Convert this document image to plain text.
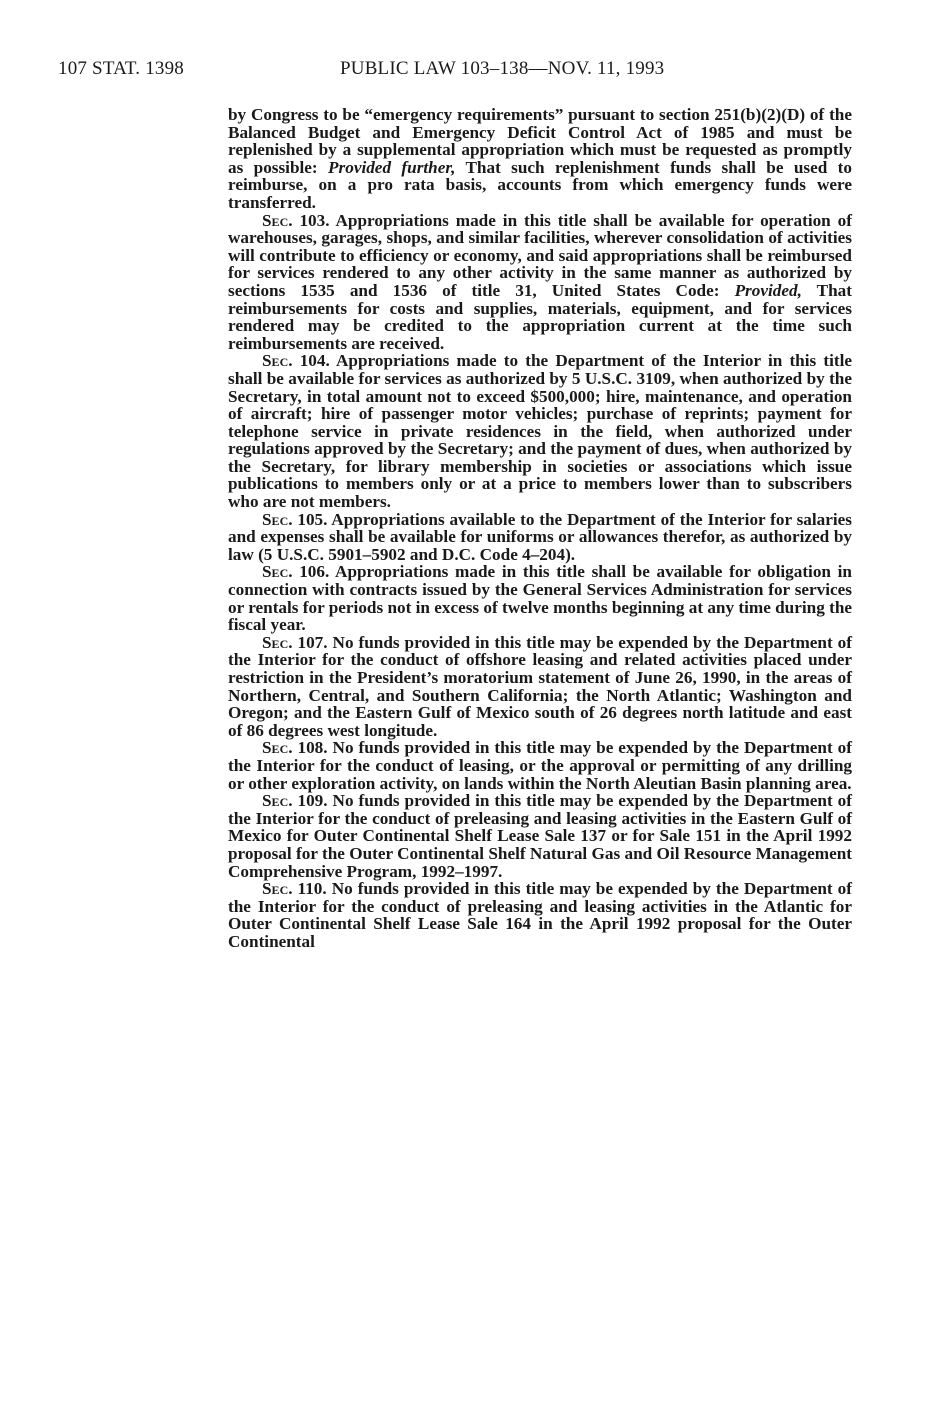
107 STAT. 1398	PUBLIC LAW 103–138—NOV. 11, 1993

by Congress to be “emergency requirements” pursuant to section 251(b)(2)(D) of the Balanced Budget and Emergency Deficit Control Act of 1985 and must be replenished by a supplemental appropriation which must be requested as promptly as possible: Provided further, That such replenishment funds shall be used to reimburse, on a pro rata basis, accounts from which emergency funds were transferred.

Sec. 103. Appropriations made in this title shall be available for operation of warehouses, garages, shops, and similar facilities, wherever consolidation of activities will contribute to efficiency or economy, and said appropriations shall be reimbursed for services rendered to any other activity in the same manner as authorized by sections 1535 and 1536 of title 31, United States Code: Provided, That reimbursements for costs and supplies, materials, equipment, and for services rendered may be credited to the appropriation current at the time such reimbursements are received.

Sec. 104. Appropriations made to the Department of the Interior in this title shall be available for services as authorized by 5 U.S.C. 3109, when authorized by the Secretary, in total amount not to exceed $500,000; hire, maintenance, and operation of aircraft; hire of passenger motor vehicles; purchase of reprints; payment for telephone service in private residences in the field, when authorized under regulations approved by the Secretary; and the payment of dues, when authorized by the Secretary, for library membership in societies or associations which issue publications to members only or at a price to members lower than to subscribers who are not members.

Sec. 105. Appropriations available to the Department of the Interior for salaries and expenses shall be available for uniforms or allowances therefor, as authorized by law (5 U.S.C. 5901–5902 and D.C. Code 4–204).

Sec. 106. Appropriations made in this title shall be available for obligation in connection with contracts issued by the General Services Administration for services or rentals for periods not in excess of twelve months beginning at any time during the fiscal year.

Sec. 107. No funds provided in this title may be expended by the Department of the Interior for the conduct of offshore leasing and related activities placed under restriction in the President’s moratorium statement of June 26, 1990, in the areas of Northern, Central, and Southern California; the North Atlantic; Washington and Oregon; and the Eastern Gulf of Mexico south of 26 degrees north latitude and east of 86 degrees west longitude.

Sec. 108. No funds provided in this title may be expended by the Department of the Interior for the conduct of leasing, or the approval or permitting of any drilling or other exploration activity, on lands within the North Aleutian Basin planning area.

Sec. 109. No funds provided in this title may be expended by the Department of the Interior for the conduct of preleasing and leasing activities in the Eastern Gulf of Mexico for Outer Continental Shelf Lease Sale 137 or for Sale 151 in the April 1992 proposal for the Outer Continental Shelf Natural Gas and Oil Resource Management Comprehensive Program, 1992–1997.

Sec. 110. No funds provided in this title may be expended by the Department of the Interior for the conduct of preleasing and leasing activities in the Atlantic for Outer Continental Shelf Lease Sale 164 in the April 1992 proposal for the Outer Continental
